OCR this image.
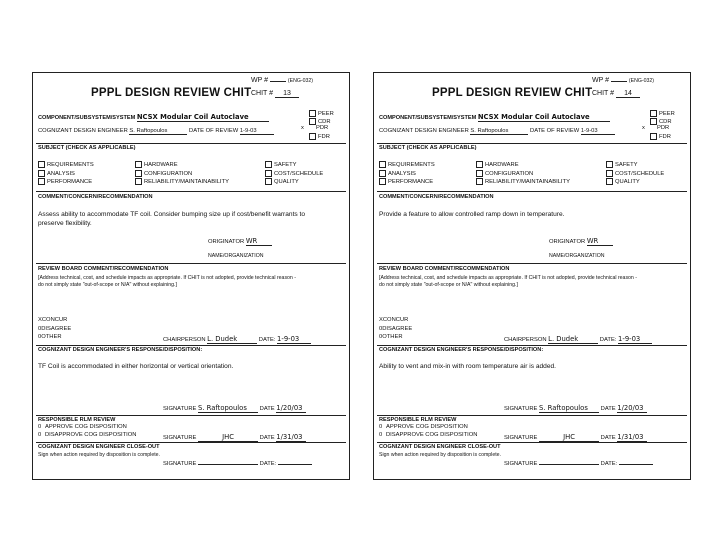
WP #	(ENG-032)
PPPL DESIGN REVIEW CHIT CHIT # 13
COMPONENT/SUBSYSTEM/SYSTEM NCSX Modular Coil Autoclave
COGNIZANT DESIGN ENGINEER S. Raftopoulos	DATE OF REVIEW 1-9-03
PEER
CDR
x PDR
FDR
SUBJECT (CHECK AS APPLICABLE)
REQUIREMENTS	HARDWARE	SAFETY
ANALYSIS	CONFIGURATION	COST/SCHEDULE
PERFORMANCE	RELIABILITY/MAINTAINABILITY	QUALITY
COMMENT/CONCERN/RECOMMENDATION
Assess ability to accommodate TF coil. Consider bumping size up if cost/benefit warrants to
preserve flexibility.
ORIGINATOR WR
NAME/ORGANIZATION
REVIEW BOARD COMMENT/RECOMMENDATION
[Address technical, cost, and schedule impacts as appropriate. If CHIT is not adopted, provide technical reason -
do not simply state "out-of-scope or N/A" without explaining.]
XCONCUR
0DISAGREE
0OTHER	CHAIRPERSON L. Dudek	DATE: 1-9-03
COGNIZANT DESIGN ENGINEER'S RESPONSE/DISPOSITION:
TF Coil is accommodated in either horizontal or vertical orientation.
SIGNATURE S. Raftopoulos DATE 1/20/03
RESPONSIBLE RLM REVIEW
0 APPROVE COG DISPOSITION
0 DISAPPROVE COG DISPOSITION
SIGNATURE	JHC	DATE 1/31/03
COGNIZANT DESIGN ENGINEER CLOSE-OUT
Sign when action required by disposition is complete.
SIGNATURE	DATE:
WP #	(ENG-032)
PPPL DESIGN REVIEW CHIT CHIT # 14
COMPONENT/SUBSYSTEM/SYSTEM NCSX Modular Coil Autoclave
COGNIZANT DESIGN ENGINEER S. Raftopoulos	DATE OF REVIEW 1-9-03
PEER
CDR
x PDR
FDR
SUBJECT (CHECK AS APPLICABLE)
REQUIREMENTS	HARDWARE	SAFETY
ANALYSIS	CONFIGURATION	COST/SCHEDULE
PERFORMANCE	RELIABILITY/MAINTAINABILITY	QUALITY
COMMENT/CONCERN/RECOMMENDATION
Provide a feature to allow controlled ramp down in temperature.
ORIGINATOR WR
NAME/ORGANIZATION
REVIEW BOARD COMMENT/RECOMMENDATION
[Address technical, cost, and schedule impacts as appropriate. If CHIT is not adopted, provide technical reason -
do not simply state "out-of-scope or N/A" without explaining.]
XCONCUR
0DISAGREE
0OTHER	CHAIRPERSON L. Dudek	DATE: 1-9-03
COGNIZANT DESIGN ENGINEER'S RESPONSE/DISPOSITION:
Ability to vent and mix-in with room temperature air is added.
SIGNATURE S. Raftopoulos DATE 1/20/03
RESPONSIBLE RLM REVIEW
0 APPROVE COG DISPOSITION
0 DISAPPROVE COG DISPOSITION
SIGNATURE	JHC	DATE 1/31/03
COGNIZANT DESIGN ENGINEER CLOSE-OUT
Sign when action required by disposition is complete.
SIGNATURE	DATE:
